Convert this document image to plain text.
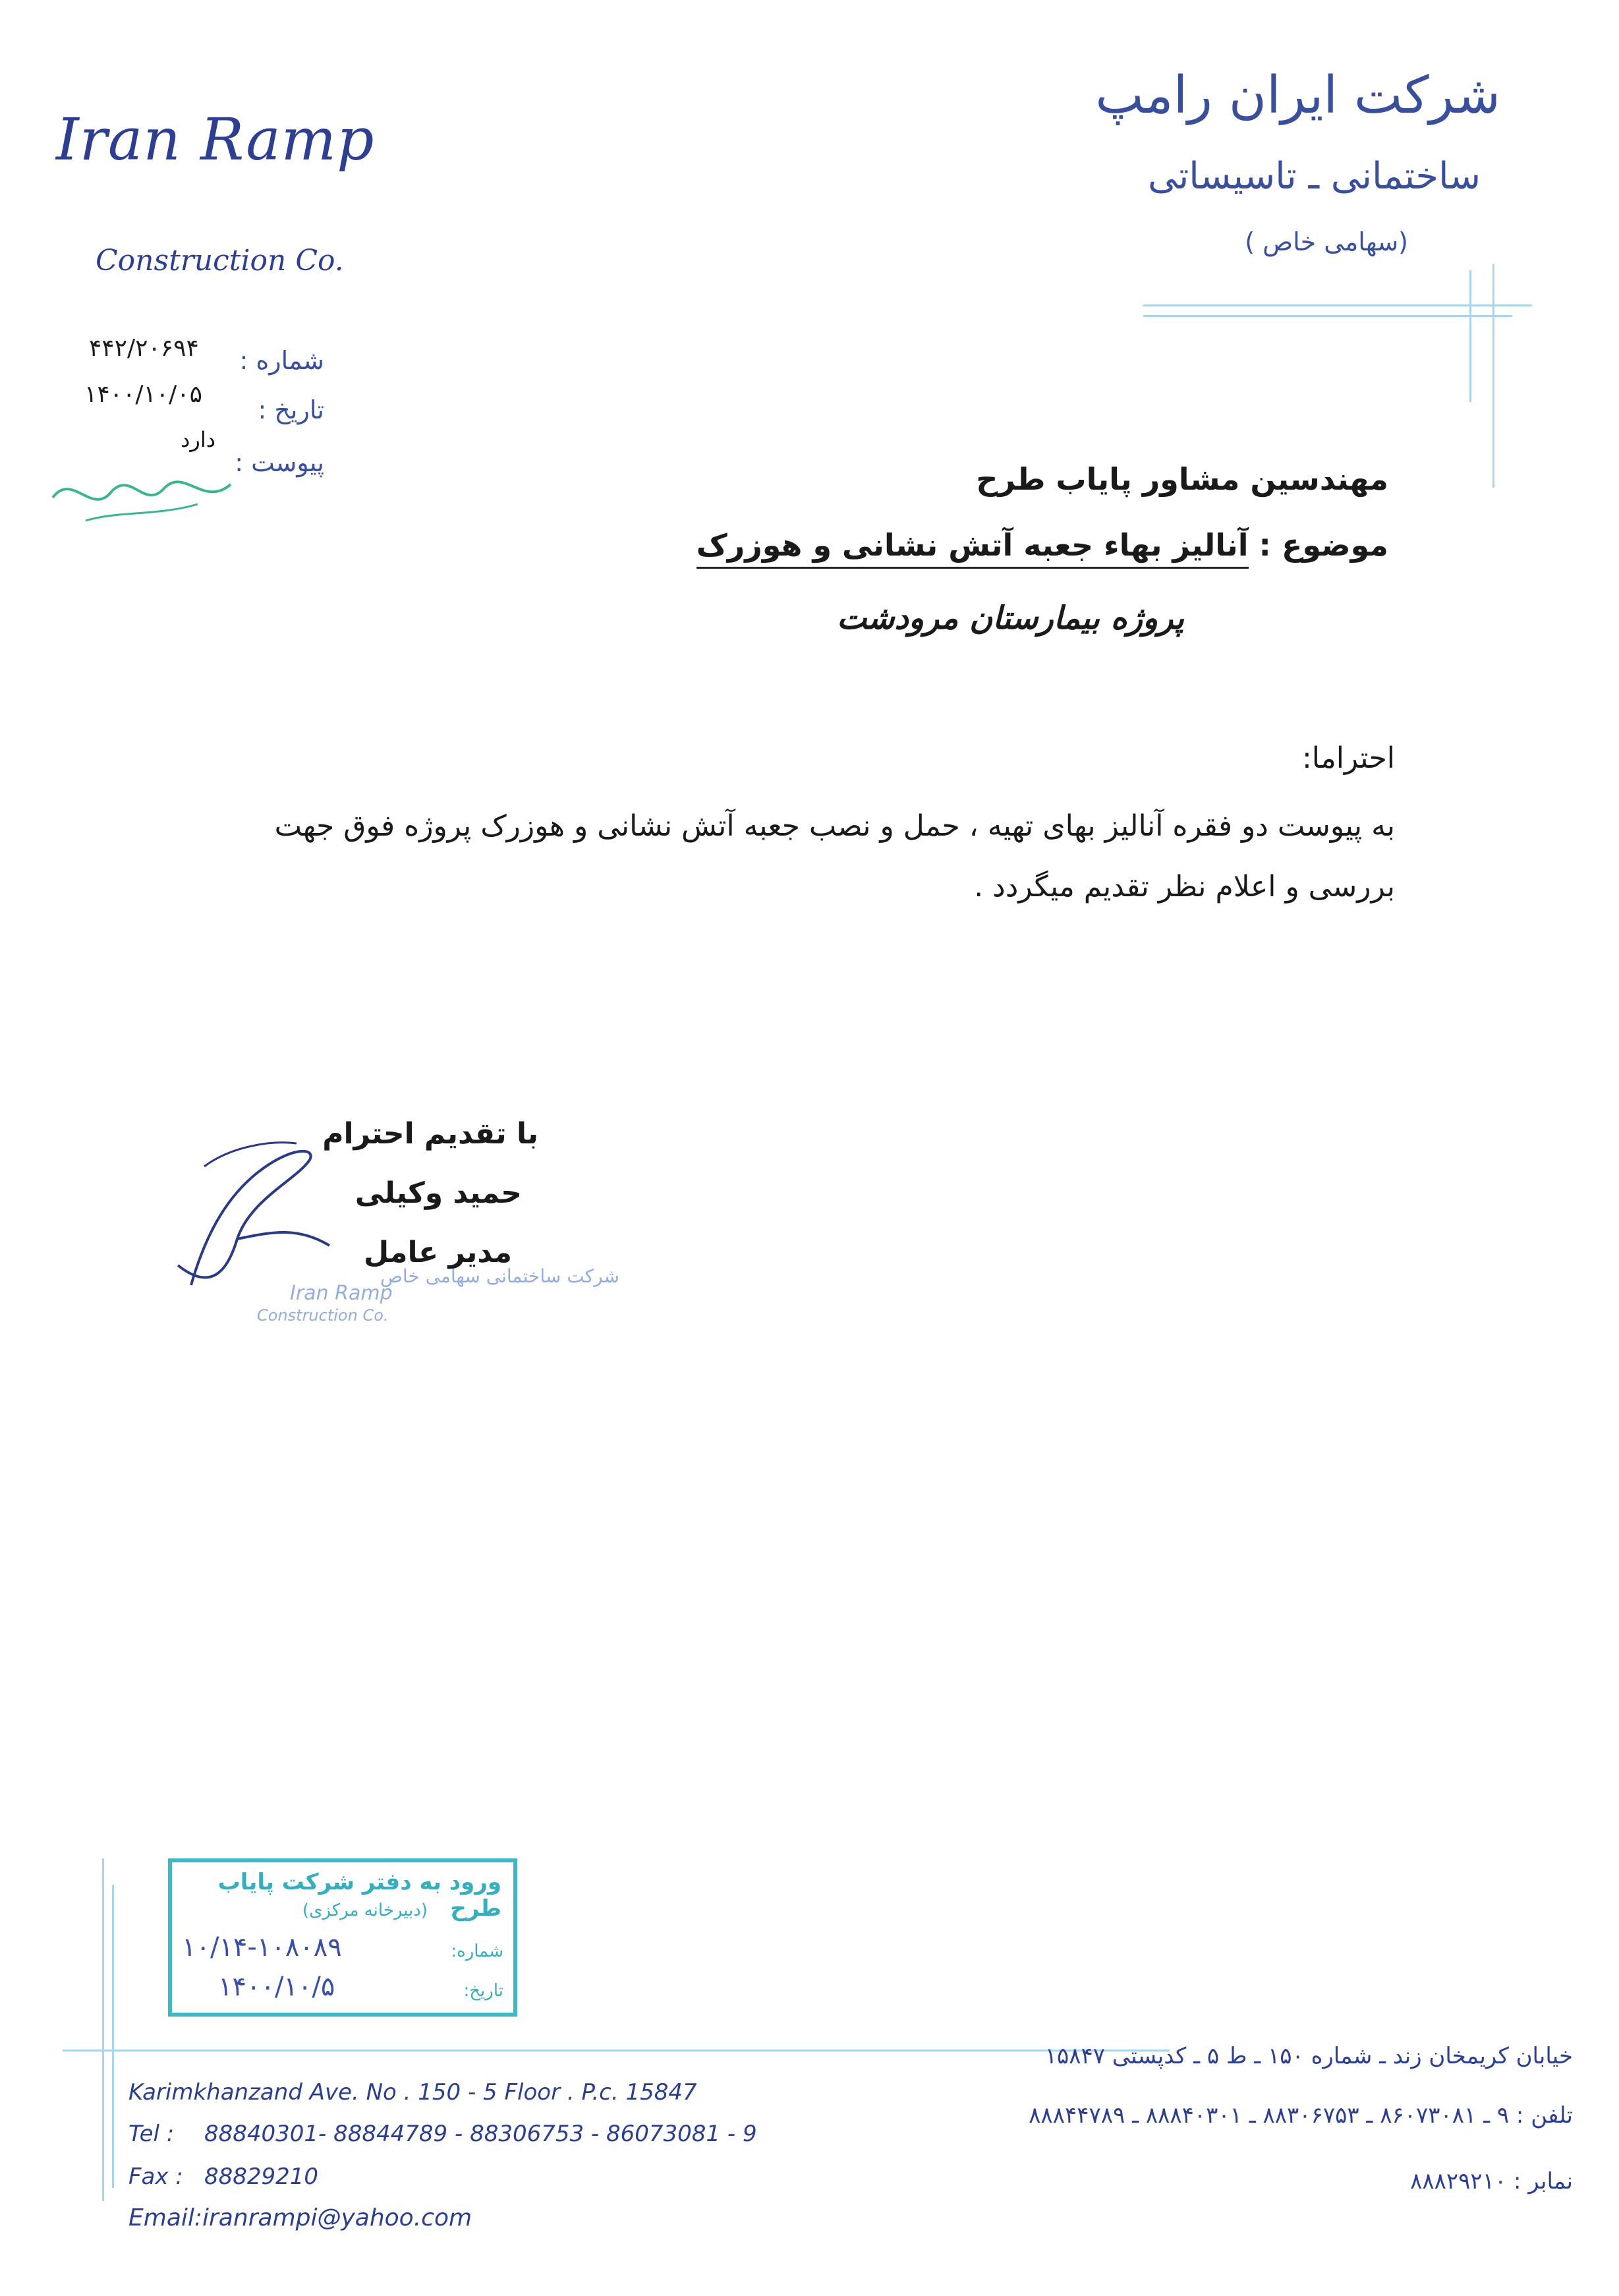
Iran Ramp
Construction Co.
شرکت ایران رامپ
ساختمانی ـ تاسیساتی
(سهامی خاص )
شماره :
۴۴۲/۲۰۶۹۴
تاریخ :
۱۴۰۰/۱۰/۰۵
پیوست :
دارد
مهندسین مشاور پایاب طرح
موضوع : آنالیز بهاء جعبه آتش نشانی و هوزرک
پروژه بیمارستان مرودشت
احتراما:
به پیوست دو فقره آنالیز بهای تهیه ، حمل و نصب جعبه آتش نشانی و هوزرک پروژه فوق جهت
بررسی و اعلام نظر تقدیم میگردد .
با تقدیم احترام
حمید وکیلی
مدیر عامل
شرکت ساختمانی سهامی خاص
Iran Ramp
Construction Co.
ورود به دفتر شرکت پایاب طرح
(دبیرخانه مرکزی)
شماره:
۱۰/۱۴-۱۰۸۰۸۹
تاریخ:
۱۴۰۰/۱۰/۵
Karimkhanzand Ave. No . 150 - 5 Floor . P.c. 15847
Tel : 88840301- 88844789 - 88306753 - 86073081 - 9
Fax : 88829210
Email:iranrampi@yahoo.com
خیابان کریمخان زند ـ شماره ۱۵۰ ـ ط ۵ ـ کدپستی ۱۵۸۴۷
تلفن : ۹ ـ ۸۶۰۷۳۰۸۱ ـ ۸۸۳۰۶۷۵۳ ـ ۸۸۸۴۰۳۰۱ ـ ۸۸۸۴۴۷۸۹
نمابر : ۸۸۸۲۹۲۱۰
